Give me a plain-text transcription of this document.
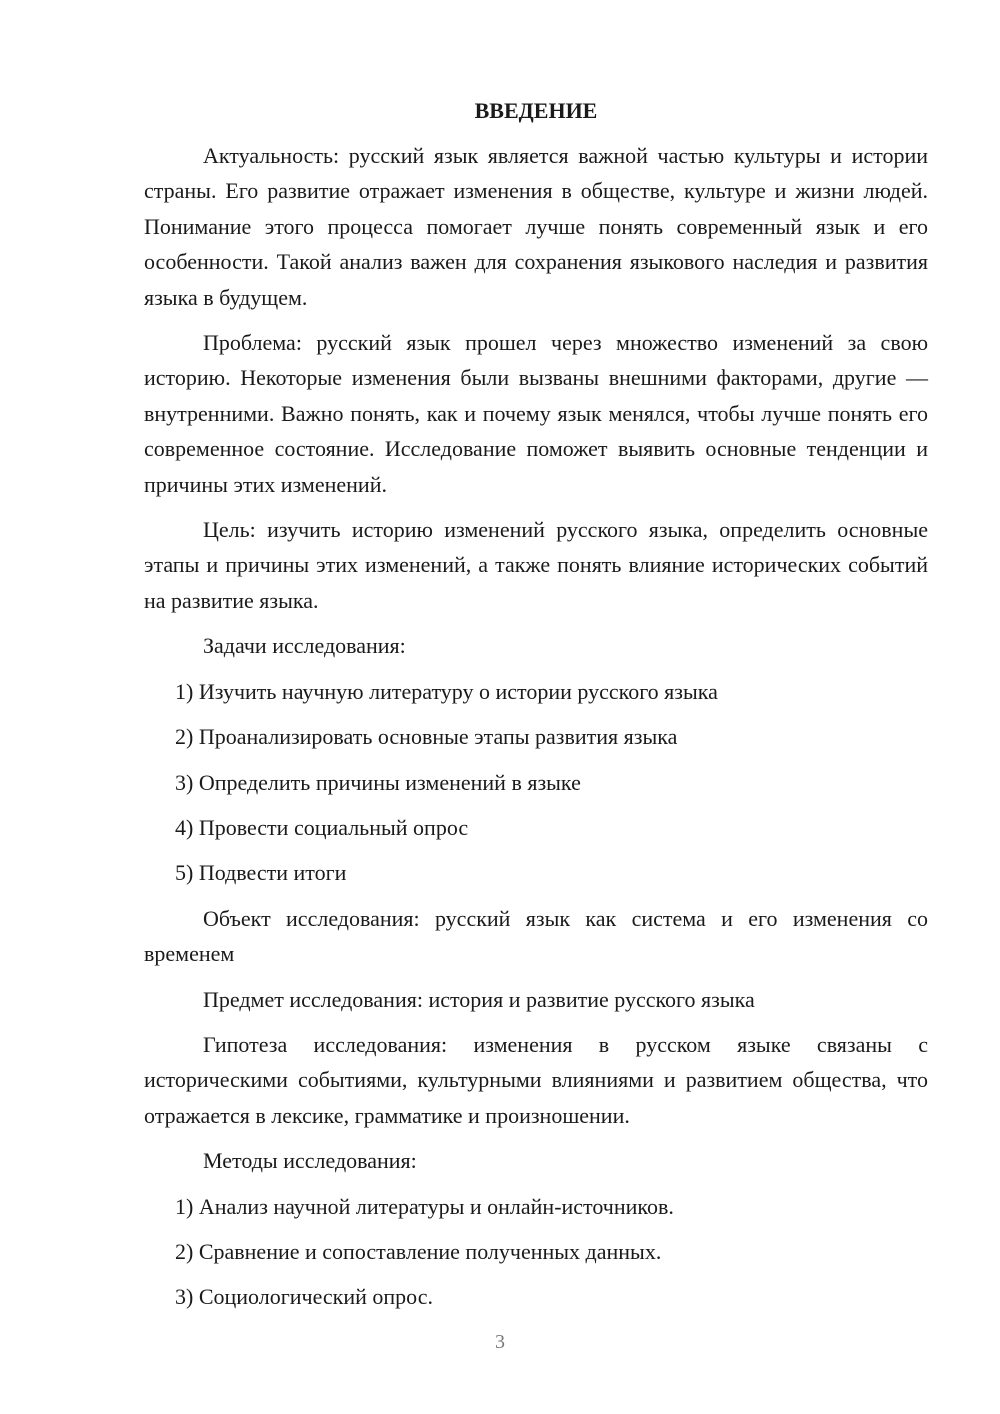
ВВЕДЕНИЕ

Актуальность: русский язык является важной частью культуры и истории страны. Его развитие отражает изменения в обществе, культуре и жизни людей. Понимание этого процесса помогает лучше понять современный язык и его особенности. Такой анализ важен для сохранения языкового наследия и развития языка в будущем.

Проблема: русский язык прошел через множество изменений за свою историю. Некоторые изменения были вызваны внешними факторами, другие — внутренними. Важно понять, как и почему язык менялся, чтобы лучше понять его современное состояние. Исследование поможет выявить основные тенденции и причины этих изменений.

Цель: изучить историю изменений русского языка, определить основные этапы и причины этих изменений, а также понять влияние исторических событий на развитие языка.

Задачи исследования:

1) Изучить научную литературу о истории русского языка

2) Проанализировать основные этапы развития языка

3) Определить причины изменений в языке

4) Провести социальный опрос

5) Подвести итоги

Объект исследования: русский язык как система и его изменения со временем

Предмет исследования: история и развитие русского языка

Гипотеза исследования: изменения в русском языке связаны с историческими событиями, культурными влияниями и развитием общества, что отражается в лексике, грамматике и произношении.

Методы исследования:

1) Анализ научной литературы и онлайн-источников.

2) Сравнение и сопоставление полученных данных.

3) Социологический опрос.

3
